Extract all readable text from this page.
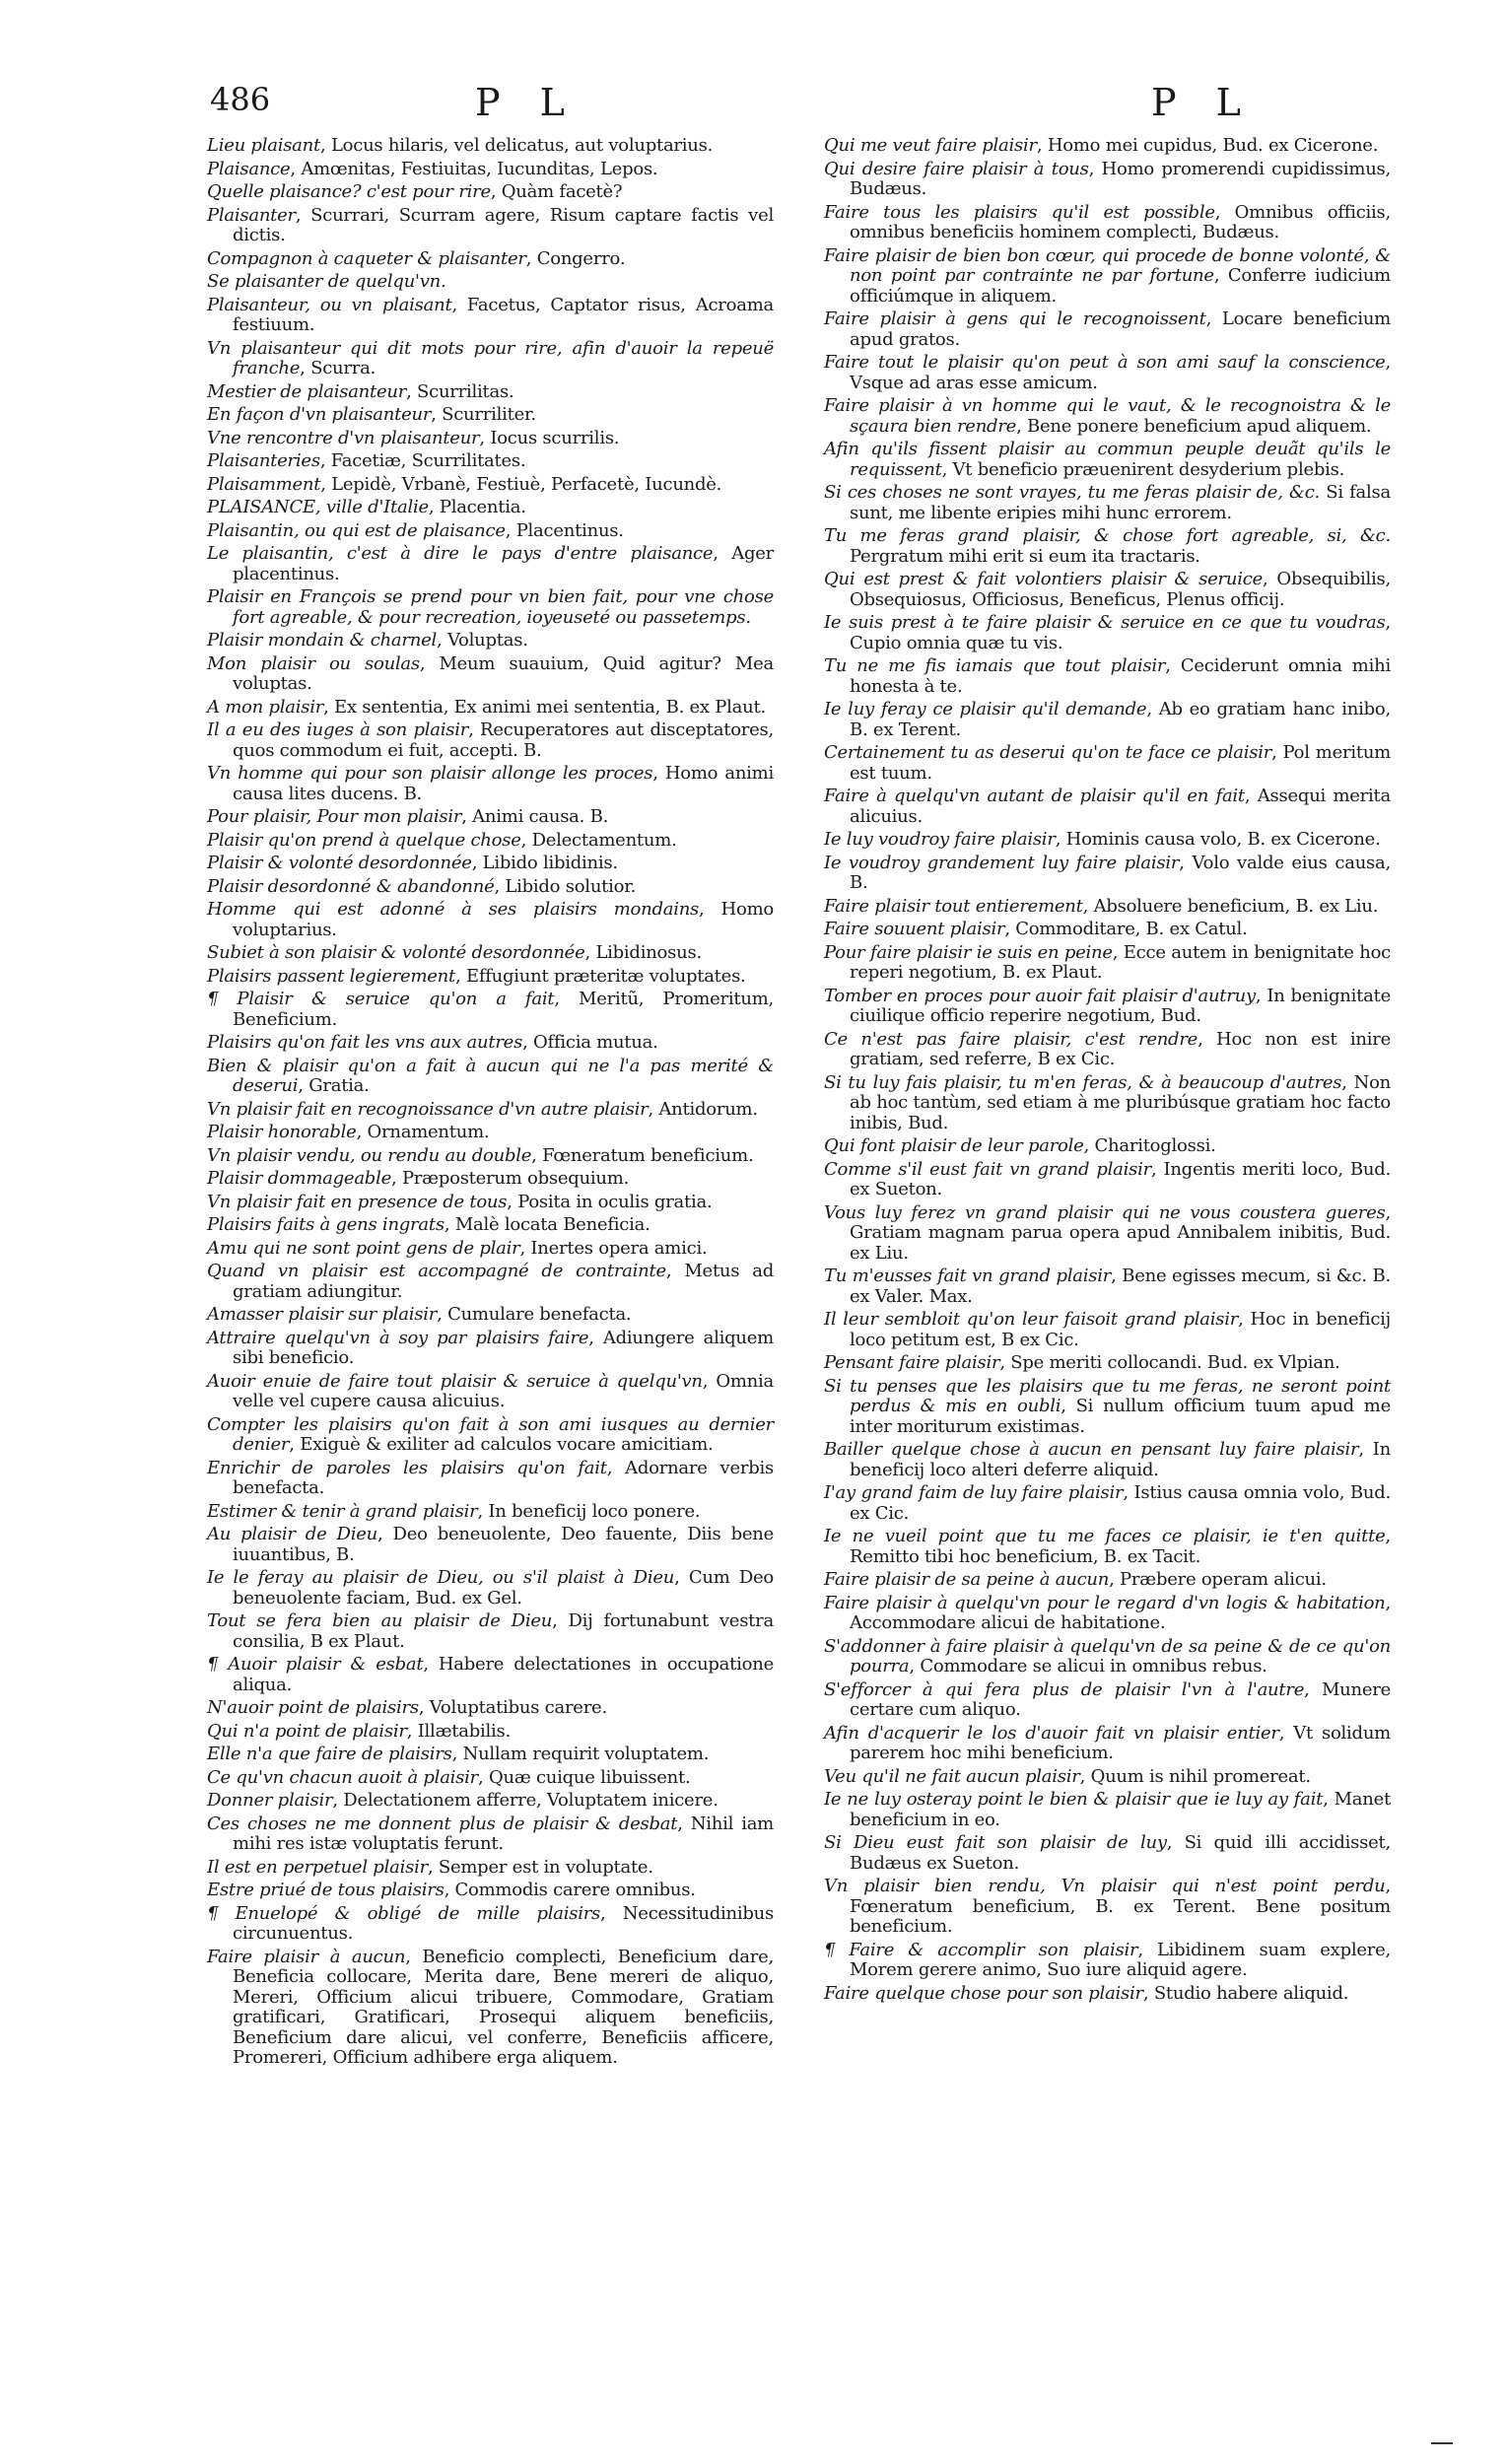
486	P L	P L

Lieu plaisant, Locus hilaris, vel delicatus, aut voluptarius.

Plaisance, Amœnitas, Festiuitas, Iucunditas, Lepos.

Quelle plaisance? c'est pour rire, Quàm facetè?

Plaisanter, Scurrari, Scurram agere, Risum captare factis vel dictis.

Compagnon à caqueter & plaisanter, Congerro.

Se plaisanter de quelqu'vn.

Plaisanteur, ou vn plaisant, Facetus, Captator risus, Acroama festiuum.

Vn plaisanteur qui dit mots pour rire, afin d'auoir la repeuë franche, Scurra.

Mestier de plaisanteur, Scurrilitas.

En façon d'vn plaisanteur, Scurriliter.

Vne rencontre d'vn plaisanteur, Iocus scurrilis.

Plaisanteries, Facetiæ, Scurrilitates.

Plaisamment, Lepidè, Vrbanè, Festiuè, Perfacetè, Iucundè.

PLAISANCE, ville d'Italie, Placentia.

Plaisantin, ou qui est de plaisance, Placentinus.

Le plaisantin, c'est à dire le pays d'entre plaisance, Ager placentinus.

Plaisir en François se prend pour vn bien fait, pour vne chose fort agreable, & pour recreation, ioyeuseté ou passetemps.

Plaisir mondain & charnel, Voluptas.

Mon plaisir ou soulas, Meum suauium, Quid agitur? Mea voluptas.

A mon plaisir, Ex sententia, Ex animi mei sententia, B. ex Plaut.

Il a eu des iuges à son plaisir, Recuperatores aut disceptatores, quos commodum ei fuit, accepti. B.

Vn homme qui pour son plaisir allonge les proces, Homo animi causa lites ducens. B.

Pour plaisir, Pour mon plaisir, Animi causa. B.

Plaisir qu'on prend à quelque chose, Delectamentum.

Plaisir & volonté desordonnée, Libido libidinis.

Plaisir desordonné & abandonné, Libido solutior.

Homme qui est adonné à ses plaisirs mondains, Homo voluptarius.

Subiet à son plaisir & volonté desordonnée, Libidinosus.

Plaisirs passent legierement, Effugiunt præteritæ voluptates.

¶ Plaisir & seruice qu'on a fait, Meritũ, Promeritum, Beneficium.

Plaisirs qu'on fait les vns aux autres, Officia mutua.

Bien & plaisir qu'on a fait à aucun qui ne l'a pas merité & deserui, Gratia.

Vn plaisir fait en recognoissance d'vn autre plaisir, Antidorum.

Plaisir honorable, Ornamentum.

Vn plaisir vendu, ou rendu au double, Fœneratum beneficium.

Plaisir dommageable, Præposterum obsequium.

Vn plaisir fait en presence de tous, Posita in oculis gratia.

Plaisirs faits à gens ingrats, Malè locata Beneficia.

Amu qui ne sont point gens de plair, Inertes opera amici.

Quand vn plaisir est accompagné de contrainte, Metus ad gratiam adiungitur.

Amasser plaisir sur plaisir, Cumulare benefacta.

Attraire quelqu'vn à soy par plaisirs faire, Adiungere aliquem sibi beneficio.

Auoir enuie de faire tout plaisir & seruice à quelqu'vn, Omnia velle vel cupere causa alicuius.

Compter les plaisirs qu'on fait à son ami iusques au dernier denier, Exiguè & exiliter ad calculos vocare amicitiam.

Enrichir de paroles les plaisirs qu'on fait, Adornare verbis benefacta.

Estimer & tenir à grand plaisir, In beneficij loco ponere.

Au plaisir de Dieu, Deo beneuolente, Deo fauente, Diis bene iuuantibus, B.

Ie le feray au plaisir de Dieu, ou s'il plaist à Dieu, Cum Deo beneuolente faciam, Bud. ex Gel.

Tout se fera bien au plaisir de Dieu, Dij fortunabunt vestra consilia, B ex Plaut.

¶ Auoir plaisir & esbat, Habere delectationes in occupatione aliqua.

N'auoir point de plaisirs, Voluptatibus carere.

Qui n'a point de plaisir, Illætabilis.

Elle n'a que faire de plaisirs, Nullam requirit voluptatem.

Ce qu'vn chacun auoit à plaisir, Quæ cuique libuissent.

Donner plaisir, Delectationem afferre, Voluptatem inicere.

Ces choses ne me donnent plus de plaisir & desbat, Nihil iam mihi res istæ voluptatis ferunt.

Il est en perpetuel plaisir, Semper est in voluptate.

Estre priué de tous plaisirs, Commodis carere omnibus.

¶ Enuelopé & obligé de mille plaisirs, Necessitudinibus circunuentus.

Faire plaisir à aucun, Beneficio complecti, Beneficium dare, Beneficia collocare, Merita dare, Bene mereri de aliquo, Mereri, Officium alicui tribuere, Commodare, Gratiam gratificari, Gratificari, Prosequi aliquem beneficiis, Beneficium dare alicui, vel conferre, Beneficiis afficere, Promereri, Officium adhibere erga aliquem.

Qui me veut faire plaisir, Homo mei cupidus, Bud. ex Cicerone.

Qui desire faire plaisir à tous, Homo promerendi cupidissimus, Budæus.

Faire tous les plaisirs qu'il est possible, Omnibus officiis, omnibus beneficiis hominem complecti, Budæus.

Faire plaisir de bien bon cœur, qui procede de bonne volonté, & non point par contrainte ne par fortune, Conferre iudicium officiúmque in aliquem.

Faire plaisir à gens qui le recognoissent, Locare beneficium apud gratos.

Faire tout le plaisir qu'on peut à son ami sauf la conscience, Vsque ad aras esse amicum.

Faire plaisir à vn homme qui le vaut, & le recognoistra & le sçaura bien rendre, Bene ponere beneficium apud aliquem.

Afin qu'ils fissent plaisir au commun peuple deuãt qu'ils le requissent, Vt beneficio præuenirent desyderium plebis.

Si ces choses ne sont vrayes, tu me feras plaisir de, &c. Si falsa sunt, me libente eripies mihi hunc errorem.

Tu me feras grand plaisir, & chose fort agreable, si, &c. Pergratum mihi erit si eum ita tractaris.

Qui est prest & fait volontiers plaisir & seruice, Obsequibilis, Obsequiosus, Officiosus, Beneficus, Plenus officij.

Ie suis prest à te faire plaisir & seruice en ce que tu voudras, Cupio omnia quæ tu vis.

Tu ne me fis iamais que tout plaisir, Ceciderunt omnia mihi honesta à te.

Ie luy feray ce plaisir qu'il demande, Ab eo gratiam hanc inibo, B. ex Terent.

Certainement tu as deserui qu'on te face ce plaisir, Pol meritum est tuum.

Faire à quelqu'vn autant de plaisir qu'il en fait, Assequi merita alicuius.

Ie luy voudroy faire plaisir, Hominis causa volo, B. ex Cicerone.

Ie voudroy grandement luy faire plaisir, Volo valde eius causa, B.

Faire plaisir tout entierement, Absoluere beneficium, B. ex Liu.

Faire souuent plaisir, Commoditare, B. ex Catul.

Pour faire plaisir ie suis en peine, Ecce autem in benignitate hoc reperi negotium, B. ex Plaut.

Tomber en proces pour auoir fait plaisir d'autruy, In benignitate ciuilique officio reperire negotium, Bud.

Ce n'est pas faire plaisir, c'est rendre, Hoc non est inire gratiam, sed referre, B ex Cic.

Si tu luy fais plaisir, tu m'en feras, & à beaucoup d'autres, Non ab hoc tantùm, sed etiam à me pluribúsque gratiam hoc facto inibis, Bud.

Qui font plaisir de leur parole, Charitoglossi.

Comme s'il eust fait vn grand plaisir, Ingentis meriti loco, Bud. ex Sueton.

Vous luy ferez vn grand plaisir qui ne vous coustera gueres, Gratiam magnam parua opera apud Annibalem inibitis, Bud. ex Liu.

Tu m'eusses fait vn grand plaisir, Bene egisses mecum, si &c. B. ex Valer. Max.

Il leur sembloit qu'on leur faisoit grand plaisir, Hoc in beneficij loco petitum est, B ex Cic.

Pensant faire plaisir, Spe meriti collocandi. Bud. ex Vlpian.

Si tu penses que les plaisirs que tu me feras, ne seront point perdus & mis en oubli, Si nullum officium tuum apud me inter moriturum existimas.

Bailler quelque chose à aucun en pensant luy faire plaisir, In beneficij loco alteri deferre aliquid.

I'ay grand faim de luy faire plaisir, Istius causa omnia volo, Bud. ex Cic.

Ie ne vueil point que tu me faces ce plaisir, ie t'en quitte, Remitto tibi hoc beneficium, B. ex Tacit.

Faire plaisir de sa peine à aucun, Præbere operam alicui.

Faire plaisir à quelqu'vn pour le regard d'vn logis & habitation, Accommodare alicui de habitatione.

S'addonner à faire plaisir à quelqu'vn de sa peine & de ce qu'on pourra, Commodare se alicui in omnibus rebus.

S'efforcer à qui fera plus de plaisir l'vn à l'autre, Munere certare cum aliquo.

Afin d'acquerir le los d'auoir fait vn plaisir entier, Vt solidum parerem hoc mihi beneficium.

Veu qu'il ne fait aucun plaisir, Quum is nihil promereat.

Ie ne luy osteray point le bien & plaisir que ie luy ay fait, Manet beneficium in eo.

Si Dieu eust fait son plaisir de luy, Si quid illi accidisset, Budæus ex Sueton.

Vn plaisir bien rendu, Vn plaisir qui n'est point perdu, Fœneratum beneficium, B. ex Terent. Bene positum beneficium.

¶ Faire & accomplir son plaisir, Libidinem suam explere, Morem gerere animo, Suo iure aliquid agere.

Faire quelque chose pour son plaisir, Studio habere aliquid.
